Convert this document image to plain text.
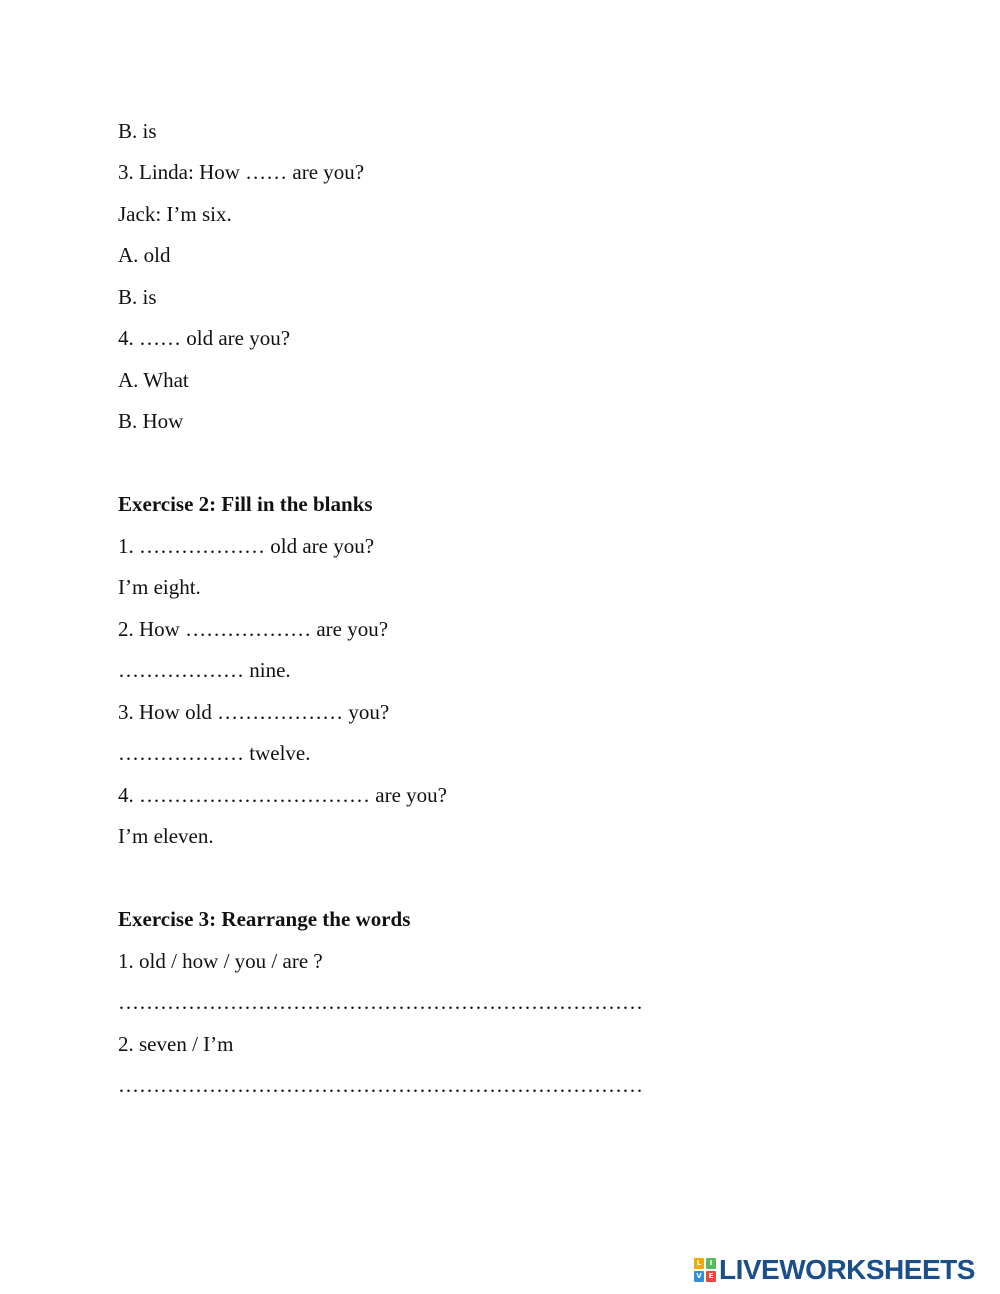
B. is
3. Linda: How …… are you?
Jack: I’m six.
A. old
B. is
4. …… old are you?
A. What
B. How
Exercise 2: Fill in the blanks
1. ……………… old are you?
I’m eight.
2. How ……………… are you?
……………… nine.
3. How old ……………… you?
……………… twelve.
4. …………………………… are you?
I’m eleven.
Exercise 3: Rearrange the words
1. old / how / you / are ?
…………………………………………………………………
2. seven / I’m
…………………………………………………………………
L	I
V E LIVEWORKSHEETS
